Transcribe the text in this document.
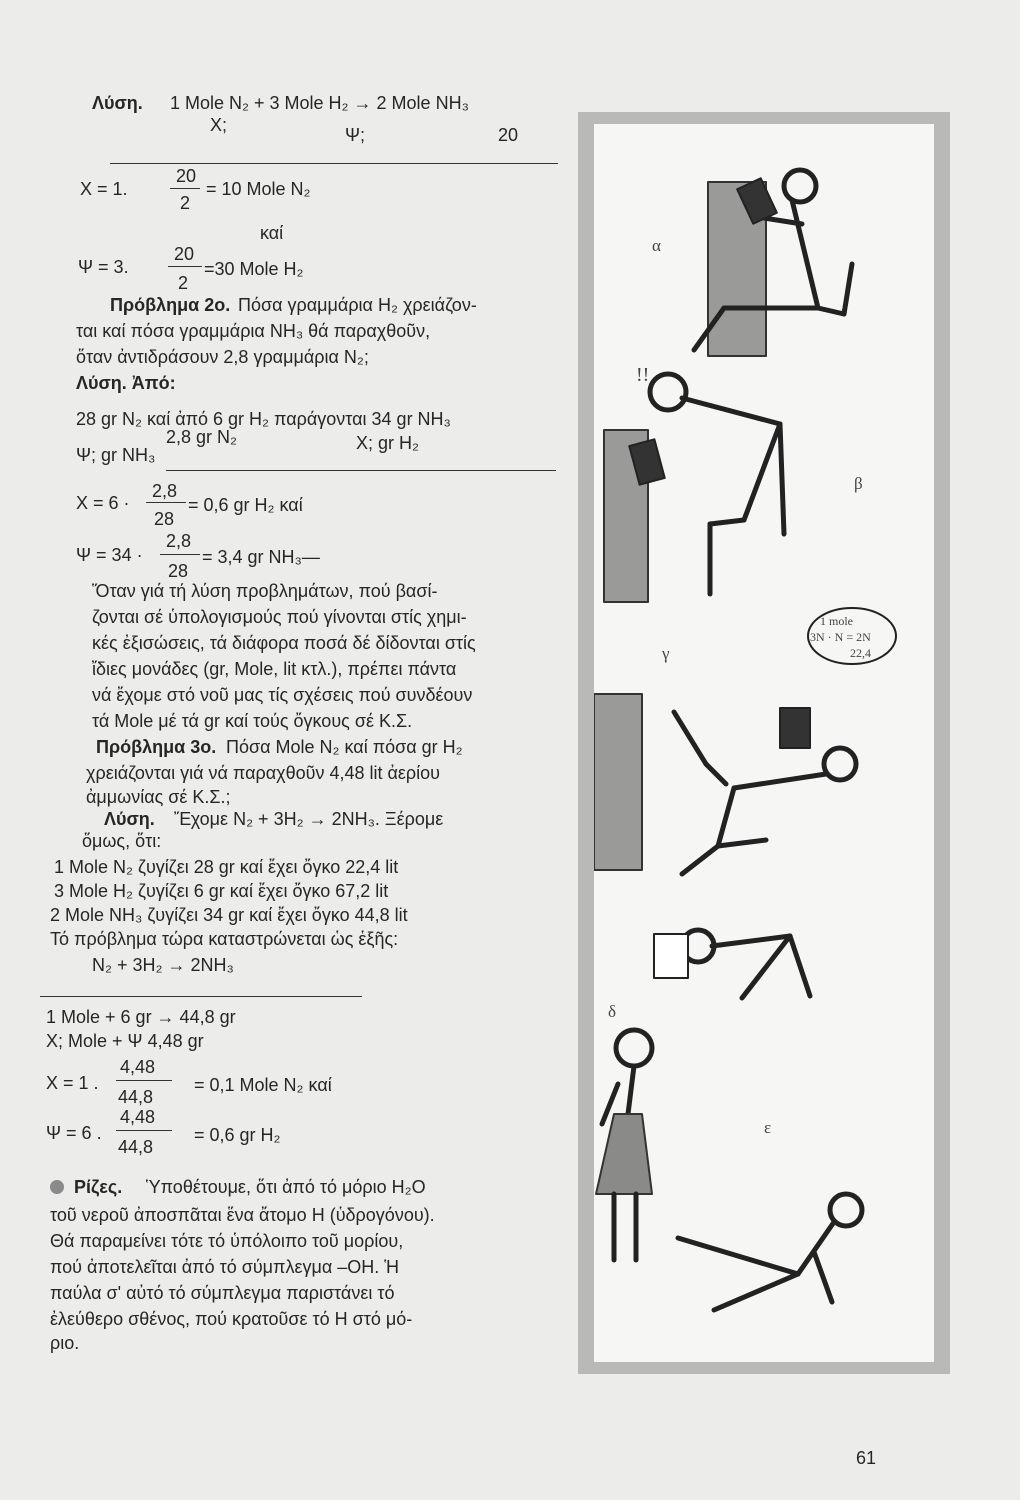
Λύση. 1 Mole N₂ + 3 Mole H₂ → 2 Mole NH₃
X;	Ψ;	20
X = 1.
20
2
= 10 Mole N₂
καί
Ψ = 3.
20
2
=30 Mole H₂
Πρόβλημα 2ο. Πόσα γραμμάρια H₂ χρειάζον-
ται καί πόσα γραμμάρια NH₃ θά παραχθοῦν,
ὅταν ἀντιδράσουν 2,8 γραμμάρια N₂;
Λύση. Ἀπό:
28 gr N₂ καί ἀπό 6 gr H₂ παράγονται 34 gr NH₃
2,8 gr N₂	X; gr H₂
Ψ; gr NH₃
X = 6 ·
2,8
28
= 0,6 gr H₂ καί
Ψ = 34 ·
2,8
28
= 3,4 gr NH₃—
Ὅταν γιά τή λύση προβλημάτων, πού βασί-
ζονται σέ ὑπολογισμούς πού γίνονται στίς χημι-
κές ἐξισώσεις, τά διάφορα ποσά δέ δίδονται στίς
ἴδιες μονάδες (gr, Mole, lit κτλ.), πρέπει πάντα
νά ἔχομε στό νοῦ μας τίς σχέσεις πού συνδέουν
τά Mole μέ τά gr καί τούς ὄγκους σέ Κ.Σ.
Πρόβλημα 3ο. Πόσα Mole N₂ καί πόσα gr H₂
χρειάζονται γιά νά παραχθοῦν 4,48 lit ἀερίου
ἀμμωνίας σέ Κ.Σ.;
Λύση. Ἔχομε N₂ + 3H₂ → 2NH₃. Ξέρομε
ὅμως, ὅτι:
1 Mole N₂ ζυγίζει 28 gr καί ἔχει ὄγκο 22,4 lit
3 Mole H₂ ζυγίζει 6 gr καί ἔχει ὄγκο 67,2 lit
2 Mole NH₃ ζυγίζει 34 gr καί ἔχει ὄγκο 44,8 lit
Τό πρόβλημα τώρα καταστρώνεται ὡς ἑξῆς:
N₂ + 3H₂ → 2NH₃
1 Mole + 6 gr → 44,8 gr
X; Mole + Ψ 4,48 gr
X = 1 .
4,48
44,8
= 0,1 Mole N₂ καί
Ψ = 6 .
4,48
44,8
= 0,6 gr H₂
Ρίζες. Ὑποθέτουμε, ὅτι ἀπό τό μόριο H₂O
τοῦ νεροῦ ἀποσπᾶται ἕνα ἄτομο H (ὑδρογόνου).
Θά παραμείνει τότε τό ὑπόλοιπο τοῦ μορίου,
πού ἀποτελεῖται ἀπό τό σύμπλεγμα –OH. Ἡ
παύλα σ' αὐτό τό σύμπλεγμα παριστάνει τό
ἐλεύθερο σθένος, πού κρατοῦσε τό H στό μό-
ριο.
α
!!
β
γ
1 mole
3N · N = 2N
22,4
δ
ε
61
